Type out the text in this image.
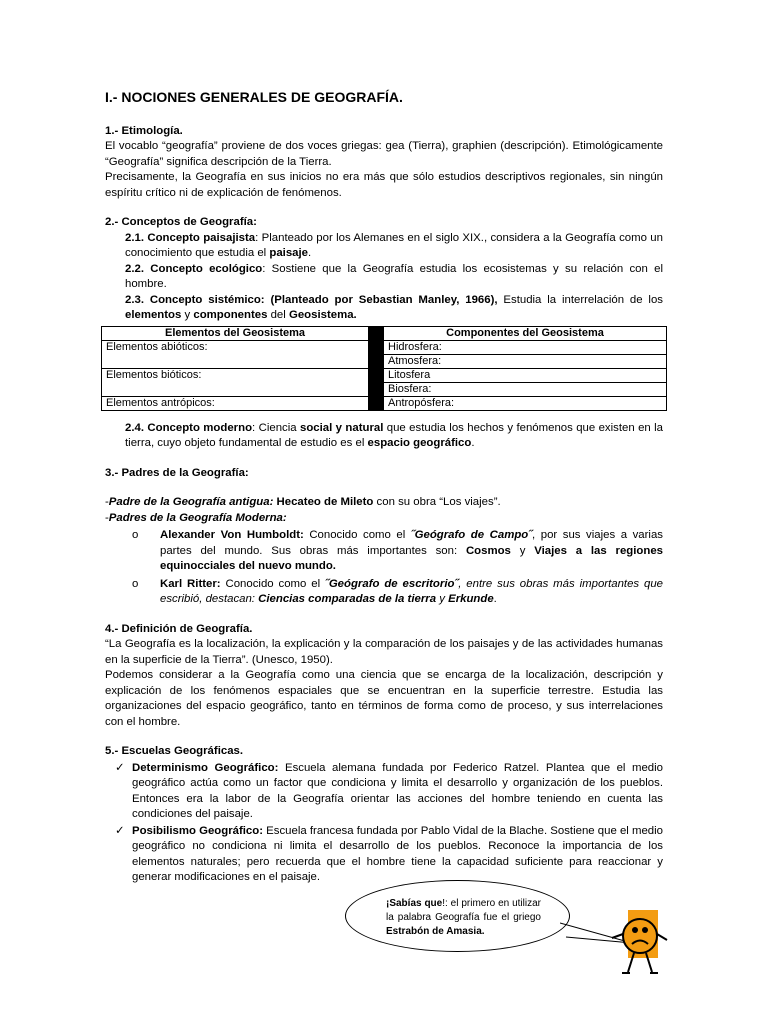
I.- NOCIONES GENERALES DE GEOGRAFÍA.
1.- Etimología.

El vocablo “geografía” proviene de dos voces griegas: gea (Tierra), graphien (descripción). Etimológicamente “Geografía” significa descripción de la Tierra.

Precisamente, la Geografía en sus inicios no era más que sólo estudios descriptivos regionales, sin ningún espíritu crítico ni de explicación de fenómenos.

2.- Conceptos de Geografía:

2.1. Concepto paisajista: Planteado por los Alemanes en el siglo XIX., considera a la Geografía como un conocimiento que estudia el paisaje.

2.2. Concepto ecológico: Sostiene que la Geografía estudia los ecosistemas y su relación con el hombre.

2.3. Concepto sistémico: (Planteado por Sebastian Manley, 1966), Estudia la interrelación de los elementos y componentes del Geosistema.

Elementos del Geosistema		Componentes del Geosistema
Elementos abióticos:		Hidrosfera:
		Atmosfera:
Elementos bióticos:		Litosfera
		Biosfera:
Elementos antrópicos:		Antropósfera:

2.4. Concepto moderno: Ciencia social y natural que estudia los hechos y fenómenos que existen en la tierra, cuyo objeto fundamental de estudio es el espacio geográfico.

3.- Padres de la Geografía:

-Padre de la Geografía antigua: Hecateo de Mileto con su obra “Los viajes”.

-Padres de la Geografía Moderna:

o	Alexander Von Humboldt: Conocido como el ˝Geógrafo de Campo˝, por sus viajes a varias partes del mundo. Sus obras más importantes son: Cosmos y Viajes a las regiones equinocciales del nuevo mundo.

o	Karl Ritter: Conocido como el ˝Geógrafo de escritorio˝, entre sus obras más importantes que escribió, destacan: Ciencias comparadas de la tierra y Erkunde.

4.- Definición de Geografía.

“La Geografía es la localización, la explicación y la comparación de los paisajes y de las actividades humanas en la superficie de la Tierra”. (Unesco, 1950).

Podemos considerar a la Geografía como una ciencia que se encarga de la localización, descripción y explicación de los fenómenos espaciales que se encuentran en la superficie terrestre. Estudia las organizaciones del espacio geográfico, tanto en términos de forma como de proceso, y sus interrelaciones con el hombre.

5.- Escuelas Geográficas.
✓ Determinismo Geográfico: Escuela alemana fundada por Federico Ratzel. Plantea que el medio geográfico actúa como un factor que condiciona y limita el desarrollo y organización de los pueblos. Entonces era la labor de la Geografía orientar las acciones del hombre teniendo en cuenta las condiciones del paisaje.

✓ Posibilismo Geográfico: Escuela francesa fundada por Pablo Vidal de la Blache. Sostiene que el medio geográfico no condiciona ni limita el desarrollo de los pueblos. Reconoce la importancia de los elementos naturales; pero recuerda que el hombre tiene la capacidad suficiente para reaccionar y generar modificaciones en el paisaje.

¡Sabías que!: el primero en utilizar la palabra Geografía fue el griego Estrabón de Amasia.
